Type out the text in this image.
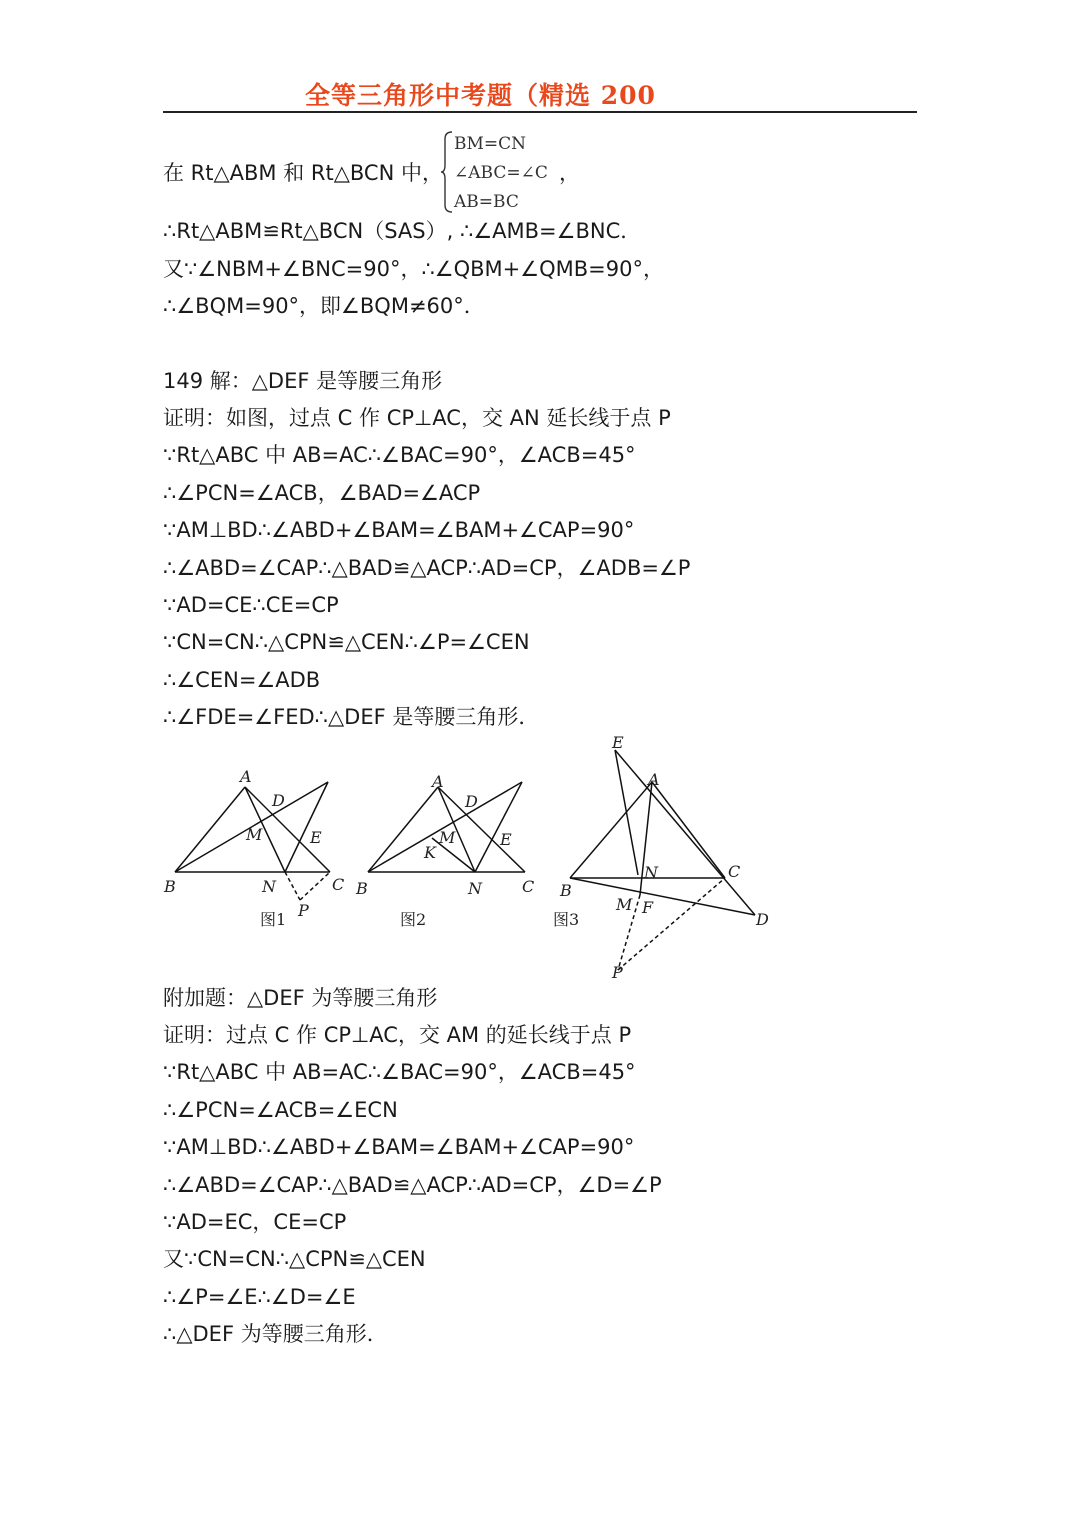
全等三角形中考题（精选 200
在 Rt△ABM 和 Rt△BCN 中，
BM=CN
∠ABC=∠C
AB=BC
，
∴Rt△ABM≌Rt△BCN（SAS）, ∴∠AMB=∠BNC．
又∵∠NBM+∠BNC=90°，∴∠QBM+∠QMB=90°，
∴∠BQM=90°，即∠BQM≠60°．
149 解：△DEF 是等腰三角形
证明：如图，过点 C 作 CP⊥AC，交 AN 延长线于点 P
∵Rt△ABC 中 AB=AC∴∠BAC=90°，∠ACB=45°
∴∠PCN=∠ACB，∠BAD=∠ACP
∵AM⊥BD∴∠ABD+∠BAM=∠BAM+∠CAP=90°
∴∠ABD=∠CAP∴△BAD≌△ACP∴AD=CP，∠ADB=∠P
∵AD=CE∴CE=CP
∵CN=CN∴△CPN≌△CEN∴∠P=∠CEN
∴∠CEN=∠ADB
∴∠FDE=∠FED∴△DEF 是等腰三角形．
A
D
M	E
B	N	C
P
图1
A
D
M
K
E
B	N	C
图2
E
A
N	C
B
M F
D
P
图3
附加题：△DEF 为等腰三角形
证明：过点 C 作 CP⊥AC，交 AM 的延长线于点 P
∵Rt△ABC 中 AB=AC∴∠BAC=90°，∠ACB=45°
∴∠PCN=∠ACB=∠ECN
∵AM⊥BD∴∠ABD+∠BAM=∠BAM+∠CAP=90°
∴∠ABD=∠CAP∴△BAD≌△ACP∴AD=CP，∠D=∠P
∵AD=EC，CE=CP
又∵CN=CN∴△CPN≌△CEN
∴∠P=∠E∴∠D=∠E
∴△DEF 为等腰三角形．
